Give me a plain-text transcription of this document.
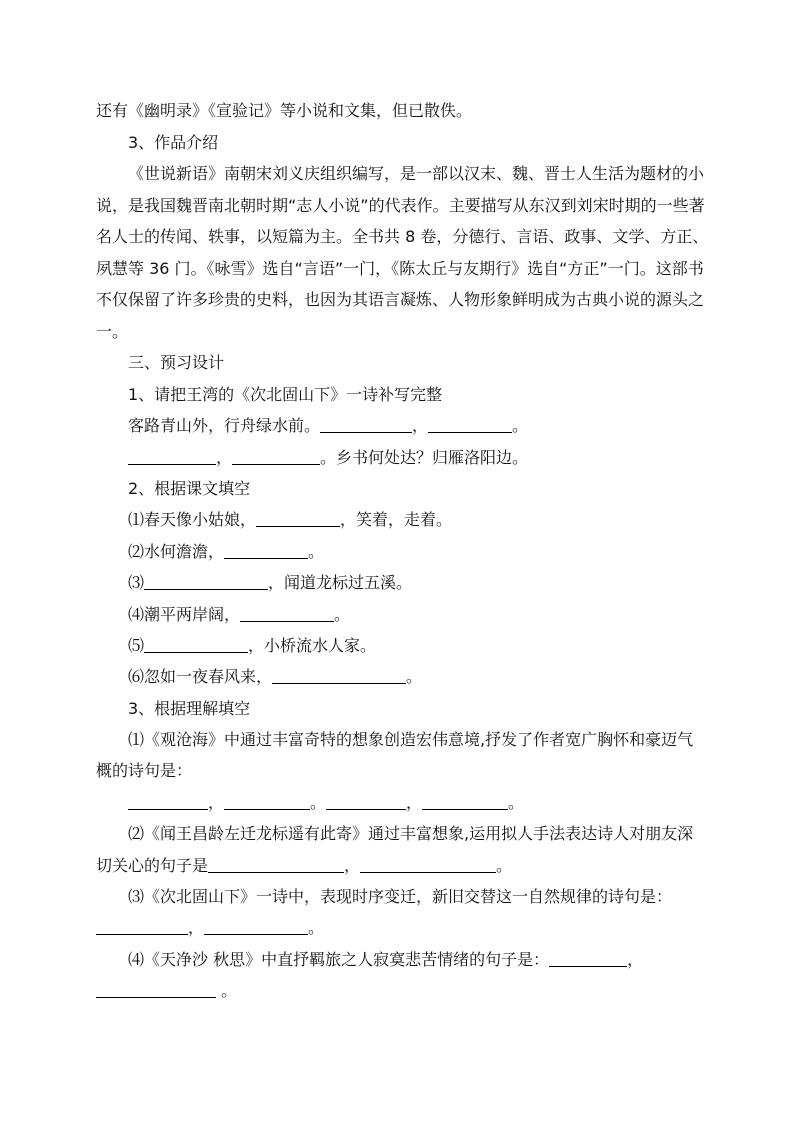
还有《幽明录》《宣验记》等小说和文集，但已散佚。
3、作品介绍
《世说新语》南朝宋刘义庆组织编写，是一部以汉末、魏、晋士人生活为题材的小
说，是我国魏晋南北朝时期“志人小说”的代表作。主要描写从东汉到刘宋时期的一些著
名人士的传闻、轶事，以短篇为主。全书共 8 卷，分德行、言语、政事、文学、方正、
夙慧等 36 门。《咏雪》选自“言语”一门，《陈太丘与友期行》选自“方正”一门。这部书
不仅保留了许多珍贵的史料，也因为其语言凝炼、人物形象鲜明成为古典小说的源头之
一。
三、预习设计
1、请把王湾的《次北固山下》一诗补写完整
客路青山外，行舟绿水前。	，	。
，	。乡书何处达？归雁洛阳边。
2、根据课文填空
⑴春天像小姑娘，	，笑着，走着。
⑵水何澹澹，	。
⑶	，闻道龙标过五溪。
⑷潮平两岸阔，	。
⑸	，小桥流水人家。
⑹忽如一夜春风来，	。
3、根据理解填空
⑴《观沧海》中通过丰富奇特的想象创造宏伟意境,抒发了作者宽广胸怀和豪迈气
概的诗句是：
，	。	，	。
⑵《闻王昌龄左迁龙标遥有此寄》通过丰富想象,运用拟人手法表达诗人对朋友深
切关心的句子是	，	。
⑶《次北固山下》一诗中，表现时序变迁，新旧交替这一自然规律的诗句是：
，	。
⑷《天净沙 秋思》中直抒羁旅之人寂寞悲苦情绪的句子是：	，
。
